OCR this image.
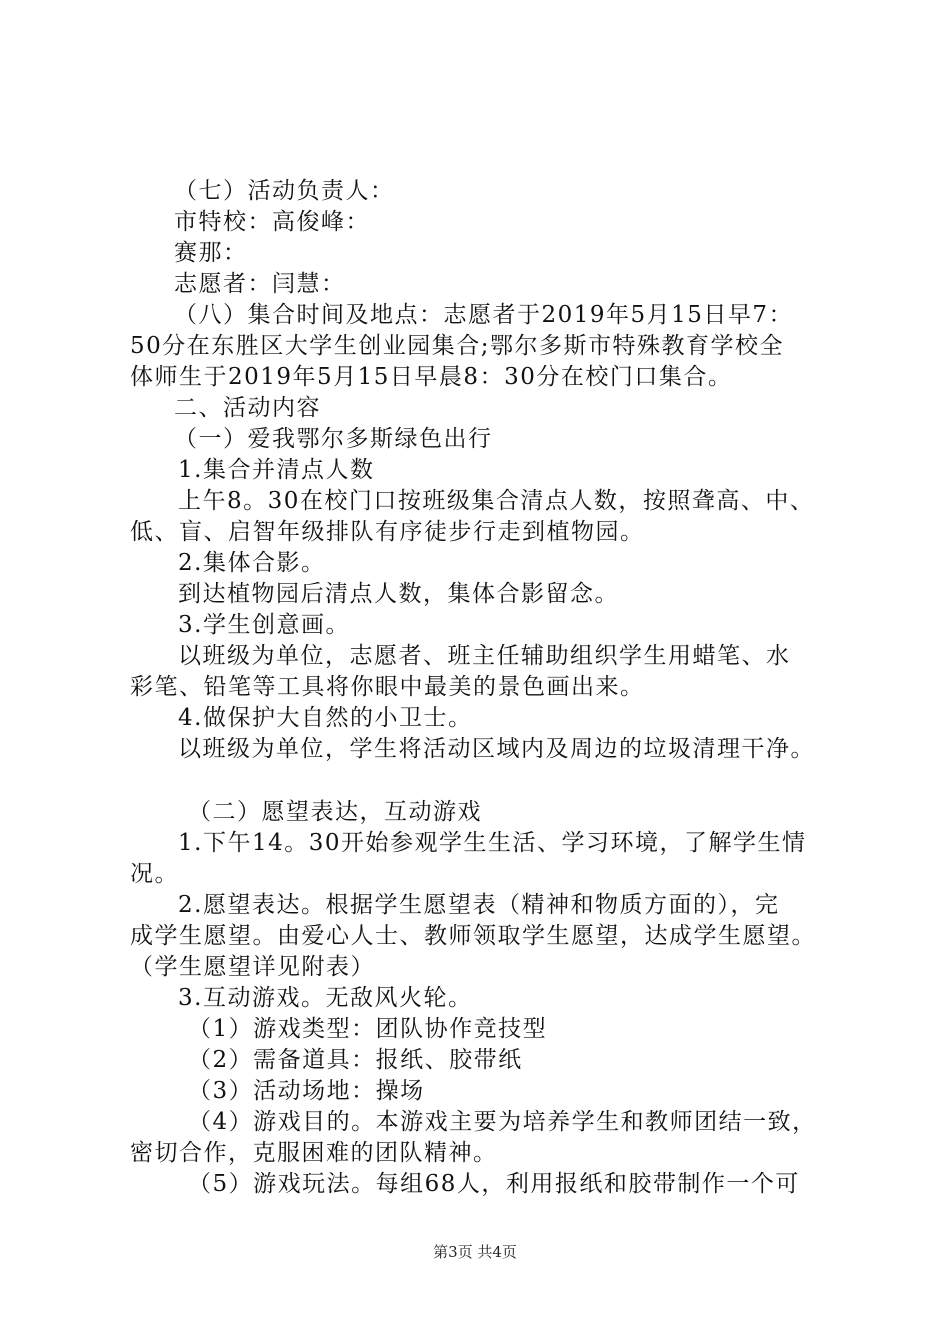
（七）活动负责人：
市特校：高俊峰：
赛那：
志愿者：闫慧：
（八）集合时间及地点：志愿者于2019年5月15日早7：
50分在东胜区大学生创业园集合;鄂尔多斯市特殊教育学校全
体师生于2019年5月15日早晨8：30分在校门口集合。
二、活动内容
（一）爱我鄂尔多斯绿色出行
1.集合并清点人数
上午8。30在校门口按班级集合清点人数，按照聋高、中、
低、盲、启智年级排队有序徒步行走到植物园。
2.集体合影。
到达植物园后清点人数，集体合影留念。
3.学生创意画。
以班级为单位，志愿者、班主任辅助组织学生用蜡笔、水
彩笔、铅笔等工具将你眼中最美的景色画出来。
4.做保护大自然的小卫士。
以班级为单位，学生将活动区域内及周边的垃圾清理干净。
（二）愿望表达，互动游戏
1.下午14。30开始参观学生生活、学习环境，了解学生情
况。
2.愿望表达。根据学生愿望表（精神和物质方面的），完
成学生愿望。由爱心人士、教师领取学生愿望，达成学生愿望。
（学生愿望详见附表）
3.互动游戏。无敌风火轮。
（1）游戏类型：团队协作竞技型
（2）需备道具：报纸、胶带纸
（3）活动场地：操场
（4）游戏目的。本游戏主要为培养学生和教师团结一致，
密切合作，克服困难的团队精神。
（5）游戏玩法。每组68人，利用报纸和胶带制作一个可
第3页 共4页
